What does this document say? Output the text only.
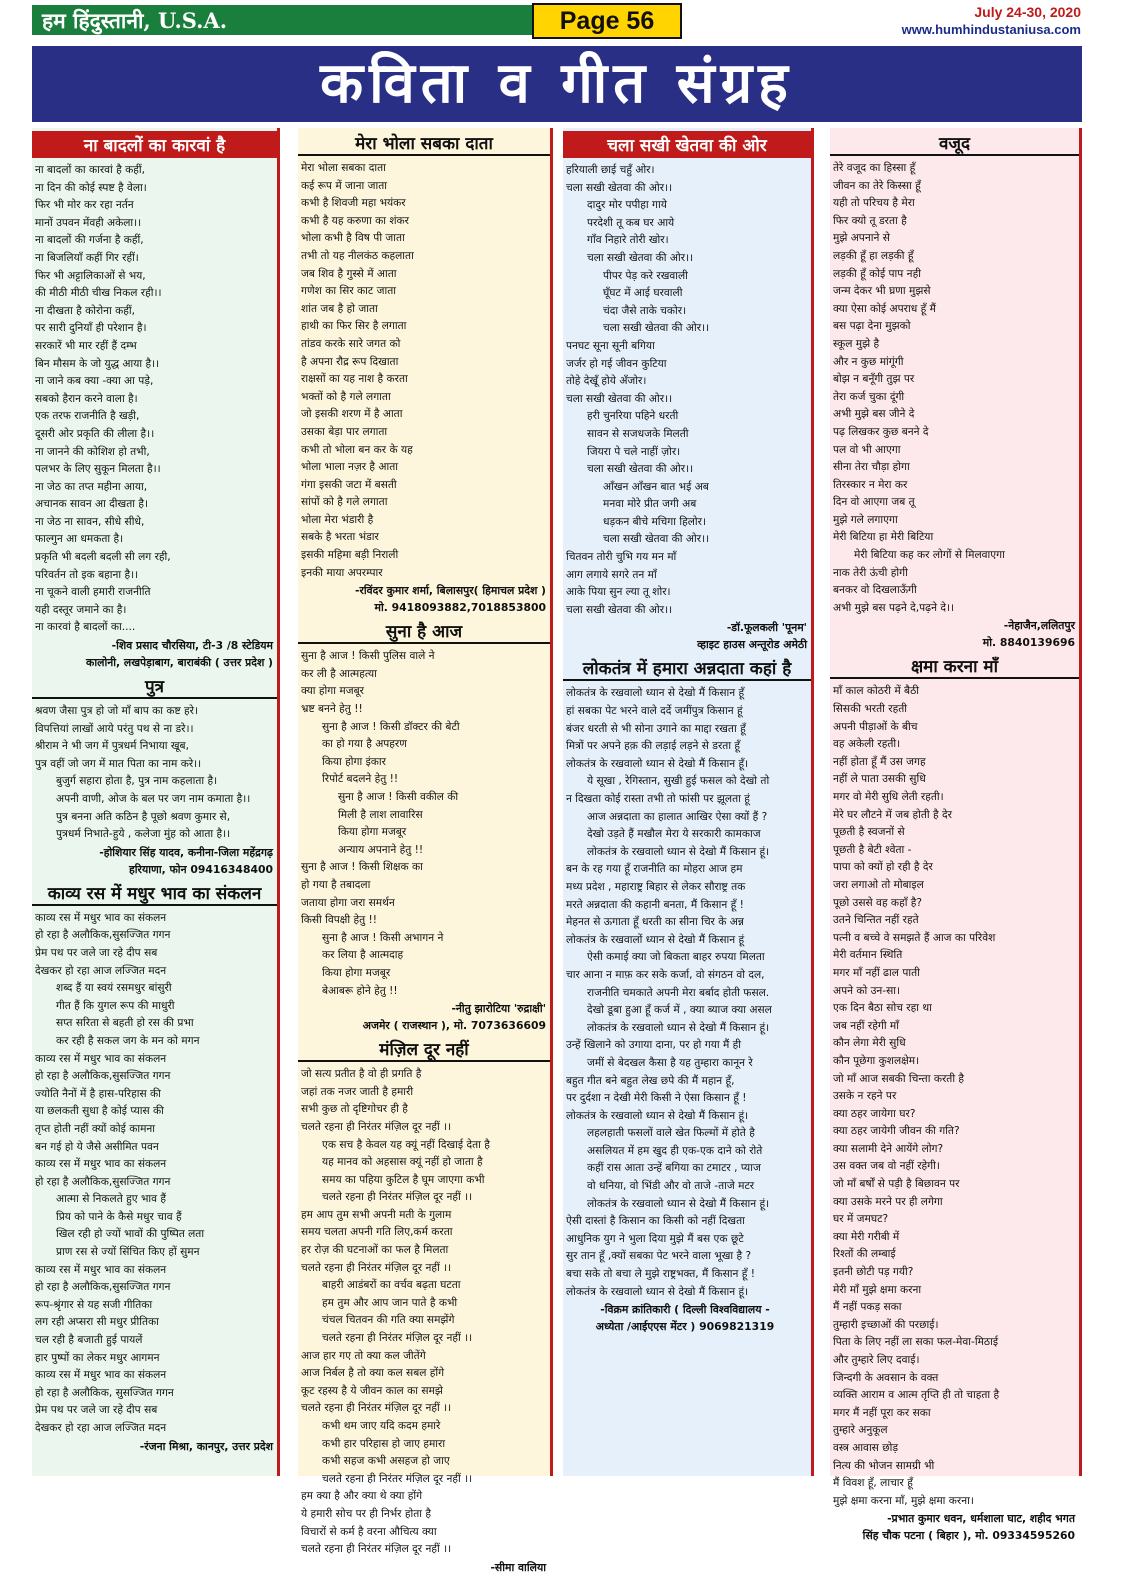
हम हिंदुस्तानी, U.S.A.	Page 56	July 24-30, 2020
www.humhindustaniusa.com
कविता व गीत संग्रह
ना बादलों का कारवां है

ना बादलों का कारवां है कहीं,

ना दिन की कोई स्पष्ट है वेला।

फिर भी मोर कर रहा नर्तन

मानों उपवन मेंवही अकेला।।

ना बादलों की गर्जना है कहीं,

ना बिजलियाँ कहीं गिर रहीं।

फिर भी अट्टालिकाओं से भय,

की मीठी मीठी चीख निकल रही।।

ना दीखता है कोरोना कहीं,

पर सारी दुनियाँ ही परेशान है।

सरकारें भी मार रहीं हैं दम्भ

बिन मौसम के जो युद्ध आया है।।

ना जाने कब क्या -क्या आ पड़े,

सबको हैरान करने वाला है।

एक तरफ राजनीति है खड़ी,

दूसरी ओर प्रकृति की लीला है।।

ना जानने की कोशिश हो तभी,

पलभर के लिए सुकून मिलता है।।

ना जेठ का तप्त महीना आया,

अचानक सावन आ दीखता है।

ना जेठ ना सावन, सीधे सीधे,

फाल्गुन आ धमकता है।

प्रकृति भी बदली बदली सी लग रही,

परिवर्तन तो इक बहाना है।।

ना चूकने वाली हमारी राजनीति

यही दस्तूर जमाने का है।

ना कारवां है बादलों का....

-शिव प्रसाद चौरसिया, टी-3 /8 स्टेडियम
कालोनी, लखपेड़ाबाग, बाराबंकी ( उत्तर प्रदेश )
पुत्र

श्रवण जैसा पुत्र हो जो माँ बाप का कष्ट हरे।

विपत्तियां लाखों आये परंतु पथ से ना डरे।।

श्रीराम ने भी जग में पुत्रधर्म निभाया खूब,

पुत्र वहीं जो जग में मात पिता का नाम करे।।

बुजुर्ग सहारा होता है, पुत्र नाम कहलाता है।

अपनी वाणी, ओज के बल पर जग नाम कमाता है।।

पुत्र बनना अति कठिन है पूछो श्रवण कुमार से,

पुत्रधर्म निभाते-हुये , कलेजा मुंह को आता है।।

-होशियार सिंह यादव, कनीना-जिला महेंद्रगढ़
हरियाणा, फोन 09416348400
काव्य रस में मधुर भाव का संकलन

काव्य रस में मधुर भाव का संकलन

हो रहा है अलौकिक,सुसज्जित गगन

प्रेम पथ पर जले जा रहे दीप सब

देखकर हो रहा आज लज्जित मदन

शब्द हैं या स्वयं रसमधुर बांसुरी

गीत हैं कि युगल रूप की माधुरी

सप्त सरिता से बहती हो रस की प्रभा

कर रही है सकल जग के मन को मगन

काव्य रस में मधुर भाव का संकलन

हो रहा है अलौकिक,सुसज्जित गगन

ज्योति नैनों में है हास-परिहास की

या छलकती सुधा है कोई प्यास की

तृप्त होती नहीं क्यों कोई कामना

बन गई हो ये जैसे असीमित पवन

काव्य रस में मधुर भाव का संकलन

हो रहा है अलौकिक,सुसज्जित गगन

आत्मा से निकलते हुए भाव हैं

प्रिय को पाने के कैसे मधुर चाव हैं

खिल रही हो ज्यों भावों की पुष्पित लता

प्राण रस से ज्यों सिंचित किए हों सुमन

काव्य रस में मधुर भाव का संकलन

हो रहा है अलौकिक,सुसज्जित गगन

रूप-श्रृंगार से यह सजी गीतिका

लग रही अप्सरा सी मधुर प्रीतिका

चल रही है बजाती हुई पायलें

हार पुष्पों का लेकर मधुर आगमन

काव्य रस में मधुर भाव का संकलन

हो रहा है अलौकिक, सुसज्जित गगन

प्रेम पथ पर जले जा रहे दीप सब

देखकर हो रहा आज लज्जित मदन

-रंजना मिश्रा, कानपुर, उत्तर प्रदेश
मेरा भोला सबका दाता

मेरा भोला सबका दाता

कई रूप में जाना जाता

कभी है शिवजी महा भयंकर

कभी है यह करुणा का शंकर

भोला कभी है विष पी जाता

तभी तो यह नीलकंठ कहलाता

जब शिव है गुस्से में आता

गणेश का सिर काट जाता

शांत जब है हो जाता

हाथी का फिर सिर है लगाता

तांडव करके सारे जगत को

है अपना रौद्र रूप दिखाता

राक्षसों का यह नाश है करता

भक्तों को है गले लगाता

जो इसकी शरण में है आता

उसका बेड़ा पार लगाता

कभी तो भोला बन कर के यह

भोला भाला नज़र है आता

गंगा इसकी जटा में बसती

सांपों को है गले लगाता

भोला मेरा भंडारी है

सबके है भरता भंडार

इसकी महिमा बड़ी निराली

इनकी माया अपरम्पार

-रविंदर कुमार शर्मा, बिलासपुर( हिमाचल प्रदेश )
मो. 9418093882,7018853800
सुना है आज

सुना है आज ! किसी पुलिस वाले ने

कर ली है आत्महत्या

क्या होगा मजबूर

भ्रष्ट बनने हेतु !!

सुना है आज ! किसी डॉक्टर की बेटी

का हो गया है अपहरण

किया होगा इंकार

रिपोर्ट बदलने हेतु !!

सुना है आज ! किसी वकील की

मिली है लाश लावारिस

किया होगा मजबूर

अन्याय अपनाने हेतु !!

सुना है आज ! किसी शिक्षक का

हो गया है तबादला

जताया होगा जरा समर्थन

किसी विपक्षी हेतु !!

सुना है आज ! किसी अभागन ने

कर लिया है आत्मदाह

किया होगा मजबूर

बेआबरू होने हेतु !!

-नीतु झारोटिया 'रुद्राक्षी'
अजमेर ( राजस्थान ), मो. 7073636609
मंज़िल दूर नहीं

जो सत्य प्रतीत है वो ही प्रगति है

जहां तक नजर जाती है हमारी

सभी कुछ तो दृष्टिगोचर ही है

चलते रहना ही निरंतर मंज़िल दूर नहीं ।।

एक सच है केवल यह क्यूं नहीं दिखाई देता है

यह मानव को अहसास क्यूं नहीं हो जाता है

समय का पहिया कुटिल है घूम जाएगा कभी

चलते रहना ही निरंतर मंज़िल दूर नहीं ।।

हम आप तुम सभी अपनी मती के गुलाम

समय चलता अपनी गति लिए,कर्म करता

हर रोज़ की घटनाओं का फल है मिलता

चलते रहना ही निरंतर मंज़िल दूर नहीं ।।

बाहरी आडंबरों का वर्चव बढ़ता घटता

हम तुम और आप जान पाते है कभी

चंचल चितवन की गति क्या समझेंगे

चलते रहना ही निरंतर मंज़िल दूर नहीं ।।

आज हार गए तो क्या कल जीतेंगे

आज निर्बल है तो क्या कल सबल होंगे

कूट रहस्य है ये जीवन काल का समझे

चलते रहना ही निरंतर मंज़िल दूर नहीं ।।

कभी थम जाए यदि कदम हमारे

कभी हार परिहास हो जाए हमारा

कभी सहज कभी असहज हो जाए

चलते रहना ही निरंतर मंज़िल दूर नहीं ।।

हम क्या है और क्या थे क्या होंगे

ये हमारी सोच पर ही निर्भर होता है

विचारों से कर्म है वरना औचित्य क्या

चलते रहना ही निरंतर मंज़िल दूर नहीं ।।

-सीमा वालिया
चला सखी खेतवा की ओर

हरियाली छाई चहुँ ओर।

चला सखी खेतवा की ओर।।

दादुर मोर पपीहा गाये

परदेशी तू कब घर आये

गाँव निहारे तोरी खोर।

चला सखी खेतवा की ओर।।

पीपर पेड़ करे रखवाली

घूँघट में आई घरवाली

चंदा जैसे ताके चकोर।

चला सखी खेतवा की ओर।।

पनघट सूना सूनी बगिया

जर्जर हो गई जीवन कुटिया

तोहे देखूँ होये अँजोर।

चला सखी खेतवा की ओर।।

हरी चुनरिया पहिने धरती

सावन से सजधजके मिलती

जियरा पे चले नाहीं ज़ोर।

चला सखी खेतवा की ओर।।

आँखन आँखन बात भई अब

मनवा मोरे प्रीत जगी अब

धड़कन बीचे मचिगा हिलोर।

चला सखी खेतवा की ओर।।

चितवन तोरी चुभि गय मन माँ

आग लगाये सगरे तन माँ

आके पिया सुन ल्या तू शोर।

चला सखी खेतवा की ओर।।

-डॉ.फूलकली 'पूनम'
व्हाइट हाउस अन्तूरोड अमेठी
लोकतंत्र में हमारा अन्नदाता कहां है

लोकतंत्र के रखवालो ध्यान से देखो मैं किसान हूँ

हां सबका पेट भरने वाले दर्दे जमींपुत्र किसान हूं

बंजर धरती से भी सोना उगाने का माद्दा रखता हूँ

मित्रों पर अपने हक़ की लड़ाई लड़ने से डरता हूँ

लोकतंत्र के रखवालो ध्यान से देखो मैं किसान हूँ।

ये सूखा , रेगिस्तान, सुखी हुई फसल को देखो तो

न दिखता कोई रास्ता तभी तो फांसी पर झूलता हूं

आज अन्नदाता का हालात आखिर ऐसा क्यों हैं ?

देखो उड़ते हैं मखौल मेरा ये सरकारी कामकाज

लोकतंत्र के रखवालो ध्यान से देखो मैं किसान हूं।

बन के रह गया हूँ राजनीति का मोहरा आज हम

मध्य प्रदेश , महाराष्ट्र बिहार से लेकर सौराष्ट्र तक

मरते अन्नदाता की कहानी बनता, मैं किसान हूँ !

मेहनत से ऊगाता हूँ धरती का सीना चिर के अन्न

लोकतंत्र के रखवालों ध्यान से देखो मैं किसान हूं

ऐसी कमाई क्या जो बिकता बाहर रुपया मिलता

चार आना न माफ़ कर सके कर्जा, वो संगठन वो दल,

राजनीति चमकाते अपनी मेरा बर्बाद होती फसल.

देखो डूबा हुआ हूँ कर्ज में , क्या ब्याज क्या असल

लोकतंत्र के रखवालो ध्यान से देखो मैं किसान हूं।

उन्हें खिलाने को उगाया दाना, पर हो गया मैं ही

जमीं से बेदखल कैसा है यह तुम्हारा कानून रे

बहुत गीत बने बहुत लेख छपे की मैं महान हूँ,

पर दुर्दशा न देखी मेरी किसी ने ऐसा किसान हूँ !

लोकतंत्र के रखवालो ध्यान से देखो मैं किसान हूं।

लहलहाती फसलों वाले खेत फिल्मों में होते है

असलियत में हम खुद ही एक-एक दाने को रोते

कहीं रास आता उन्हें बगिया का टमाटर , प्याज

वो धनिया, वो भिंडी और वो ताजे -ताजे मटर

लोकतंत्र के रखवालो ध्यान से देखो मैं किसान हूं।

ऐसी दास्तां है किसान का किसी को नहीं दिखता

आधुनिक युग ने भुला दिया मुझे मैं बस एक छूटे

सुर तान हूँ ,क्यों सबका पेट भरने वाला भूखा है ?

बचा सके तो बचा ले मुझे राष्ट्रभक्त, मैं किसान हूँ !

लोकतंत्र के रखवालो ध्यान से देखो मैं किसान हूं।

-विक्रम क्रांतिकारी ( दिल्ली विश्वविद्यालय -
अध्येता /आईएएस मेंटर ) 9069821319
वजूद

तेरे वजूद का हिस्सा हूँ

जीवन का तेरे किस्सा हूँ

यही तो परिचय है मेरा

फिर क्यो तू डरता है

मुझे अपनाने से

लड़की हूँ हा लड़की हूँ

लड़की हूँ कोई पाप नही

जन्म देकर भी घ्रणा मुझसे

क्या ऐसा कोई अपराध हूँ मैं

बस पढ़ा देना मुझको

स्कूल मुझे है

और न कुछ मांगूंगी

बोझ न बनूँगी तुझ पर

तेरा कर्ज चुका दूंगी

अभी मुझे बस जीने दे

पढ़ लिखकर कुछ बनने दे

पल वो भी आएगा

सीना तेरा चौड़ा होगा

तिरस्कार न मेरा कर

दिन वो आएगा जब तू

मुझे गले लगाएगा

मेरी बिटिया हा मेरी बिटिया

मेरी बिटिया कह कर लोगों से मिलवाएगा

नाक तेरी ऊंची होगी

बनकर वो दिखलाऊँगी

अभी मुझे बस पढ़ने दे,पढ़ने दे।।

-नेहाजैन,ललितपुर
मो. 8840139696
क्षमा करना माँ

माँ काल कोठरी में बैठी

सिसकी भरती रहती

अपनी पीड़ाओं के बीच

वह अकेली रहती।

नहीं होता हूँ मैं उस जगह

नहीं ले पाता उसकी सुधि

मगर वो मेरी सुधि लेती रहती।

मेरे घर लौटने में जब होती है देर

पूछती है स्वजनों से

पूछती है बेटी श्वेता -

पापा को क्यों हो रही है देर

जरा लगाओ तो मोबाइल

पूछो उससे वह कहाँ है?

उतने चिन्तित नहीं रहते

पत्नी व बच्चे वे समझते हैं आज का परिवेश

मेरी वर्तमान स्थिति

मगर माँ नहीं ढाल पाती

अपने को उन-सा।

एक दिन बैठा सोच रहा था

जब नहीं रहेगी माँ

कौन लेगा मेरी सुधि

कौन पूछेगा कुशलक्षेम।

जो माँ आज सबकी चिन्ता करती है

उसके न रहने पर

क्या ठहर जायेगा घर?

क्या ठहर जायेगी जीवन की गति?

क्या सलामी देने आयेंगे लोग?

उस वक्त जब वो नहीं रहेगी।

जो माँ बर्षों से पड़ी है बिछावन पर

क्या उसके मरने पर ही लगेगा

घर में जमघट?

क्या मेरी गरीबी में

रिश्तों की लम्बाई

इतनी छोटी पड़ गयी?

मेरी माँ मुझे क्षमा करना

मैं नहीं पकड़ सका

तुम्हारी इच्छाओं की परछाई।

पिता के लिए नहीं ला सका फल-मेवा-मिठाई

और तुम्हारे लिए दवाई।

जिन्दगी के अवसान के वक्त

व्यक्ति आराम व आत्म तृप्ति ही तो चाहता है

मगर मैं नहीं पूरा कर सका

तुम्हारे अनुकूल

वस्त्र आवास छोड़

नित्य की भोजन सामग्री भी

मैं विवश हूँ, लाचार हूँ

मुझे क्षमा करना माँ, मुझे क्षमा करना।

-प्रभात कुमार धवन, धर्मशाला घाट, शहीद भगत
सिंह चौक पटना ( बिहार ), मो. 09334595260
